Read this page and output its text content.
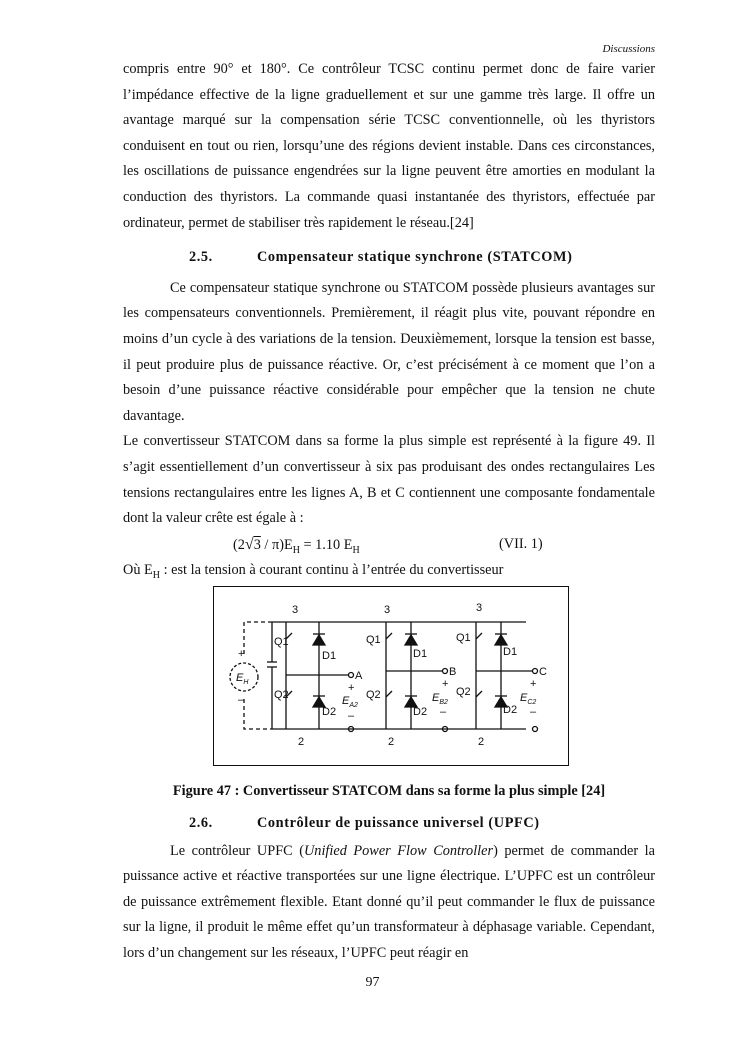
Discussions

compris entre 90° et 180°. Ce contrôleur TCSC continu permet donc de faire varier l’impédance effective de la ligne graduellement et sur une gamme très large. Il offre un avantage marqué sur la compensation série TCSC conventionnelle, où les thyristors conduisent en tout ou rien, lorsqu’une des régions devient instable. Dans ces circonstances, les oscillations de puissance engendrées sur la ligne peuvent être amorties en modulant la conduction des thyristors. La commande quasi instantanée des thyristors, effectuée par ordinateur, permet de stabiliser très rapidement le réseau.[24]

2.5.	Compensateur statique synchrone (STATCOM)

Ce compensateur statique synchrone ou STATCOM possède plusieurs avantages sur les compensateurs conventionnels. Premièrement, il réagit plus vite, pouvant répondre en moins d’un cycle à des variations de la tension. Deuxièmement, lorsque la tension est basse, il peut produire plus de puissance réactive. Or, c’est précisément à ce moment que l’on a besoin d’une puissance réactive considérable pour empêcher que la tension ne chute davantage.

Le convertisseur STATCOM dans sa forme la plus simple est représenté à la figure 49. Il s’agit essentiellement d’un convertisseur à six pas produisant des ondes rectangulaires Les tensions rectangulaires entre les lignes A, B et C contiennent une composante fondamentale dont la valeur crête est égale à :

$(2√3 / \pi)E_H = 1.10$ $E_H$	(VII. 1)

Où $E_H$ : est la tension à courant continu à l’entrée du convertisseur

3	3	3
2	2	2
Q1
Q2
D1
D2
Q1
Q2
D1
D2
Q1
Q2
D1
D2
A	B	C
+
–
+
–
+
–
+
–
$E_H$
$E_{A2}$
$E_{B2}$	$E_{C2}$
Figure 47 : Convertisseur STATCOM dans sa forme la plus simple [24]

2.6.	Contrôleur de puissance universel (UPFC)

Le contrôleur UPFC (Unified Power Flow Controller) permet de commander la puissance active et réactive transportées sur une ligne électrique. L’UPFC est un contrôleur de puissance extrêmement flexible. Etant donné qu’il peut commander le flux de puissance sur la ligne, il produit le même effet qu’un transformateur à déphasage variable. Cependant, lors d’un changement sur les réseaux, l’UPFC peut réagir en

97
